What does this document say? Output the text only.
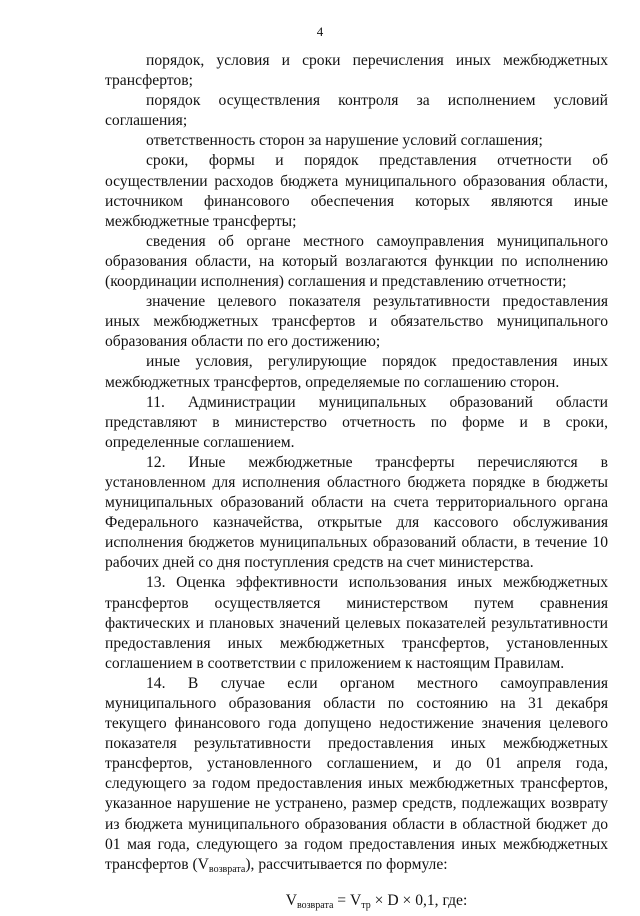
4

порядок, условия и сроки перечисления иных межбюджетных трансфертов;

порядок осуществления контроля за исполнением условий соглашения;

ответственность сторон за нарушение условий соглашения;

сроки, формы и порядок представления отчетности об осуществлении расходов бюджета муниципального образования области, источником финансового обеспечения которых являются иные межбюджетные трансферты;

сведения об органе местного самоуправления муниципального образования области, на который возлагаются функции по исполнению (координации исполнения) соглашения и представлению отчетности;

значение целевого показателя результативности предоставления иных межбюджетных трансфертов и обязательство муниципального образования области по его достижению;

иные условия, регулирующие порядок предоставления иных межбюджетных трансфертов, определяемые по соглашению сторон.

11. Администрации муниципальных образований области представляют в министерство отчетность по форме и в сроки, определенные соглашением.

12. Иные межбюджетные трансферты перечисляются в установленном для исполнения областного бюджета порядке в бюджеты муниципальных образований области на счета территориального органа Федерального казначейства, открытые для кассового обслуживания исполнения бюджетов муниципальных образований области, в течение 10 рабочих дней со дня поступления средств на счет министерства.

13. Оценка эффективности использования иных межбюджетных трансфертов осуществляется министерством путем сравнения фактических и плановых значений целевых показателей результативности предоставления иных межбюджетных трансфертов, установленных соглашением в соответствии с приложением к настоящим Правилам.

14. В случае если органом местного самоуправления муниципального образования области по состоянию на 31 декабря текущего финансового года допущено недостижение значения целевого показателя результативности предоставления иных межбюджетных трансфертов, установленного соглашением, и до 01 апреля года, следующего за годом предоставления иных межбюджетных трансфертов, указанное нарушение не устранено, размер средств, подлежащих возврату из бюджета муниципального образования области в областной бюджет до 01 мая года, следующего за годом предоставления иных межбюджетных трансфертов (Vвозврата), рассчитывается по формуле:

$V_{возврата} = V_{тр} \times D \times 0,1$, где:
